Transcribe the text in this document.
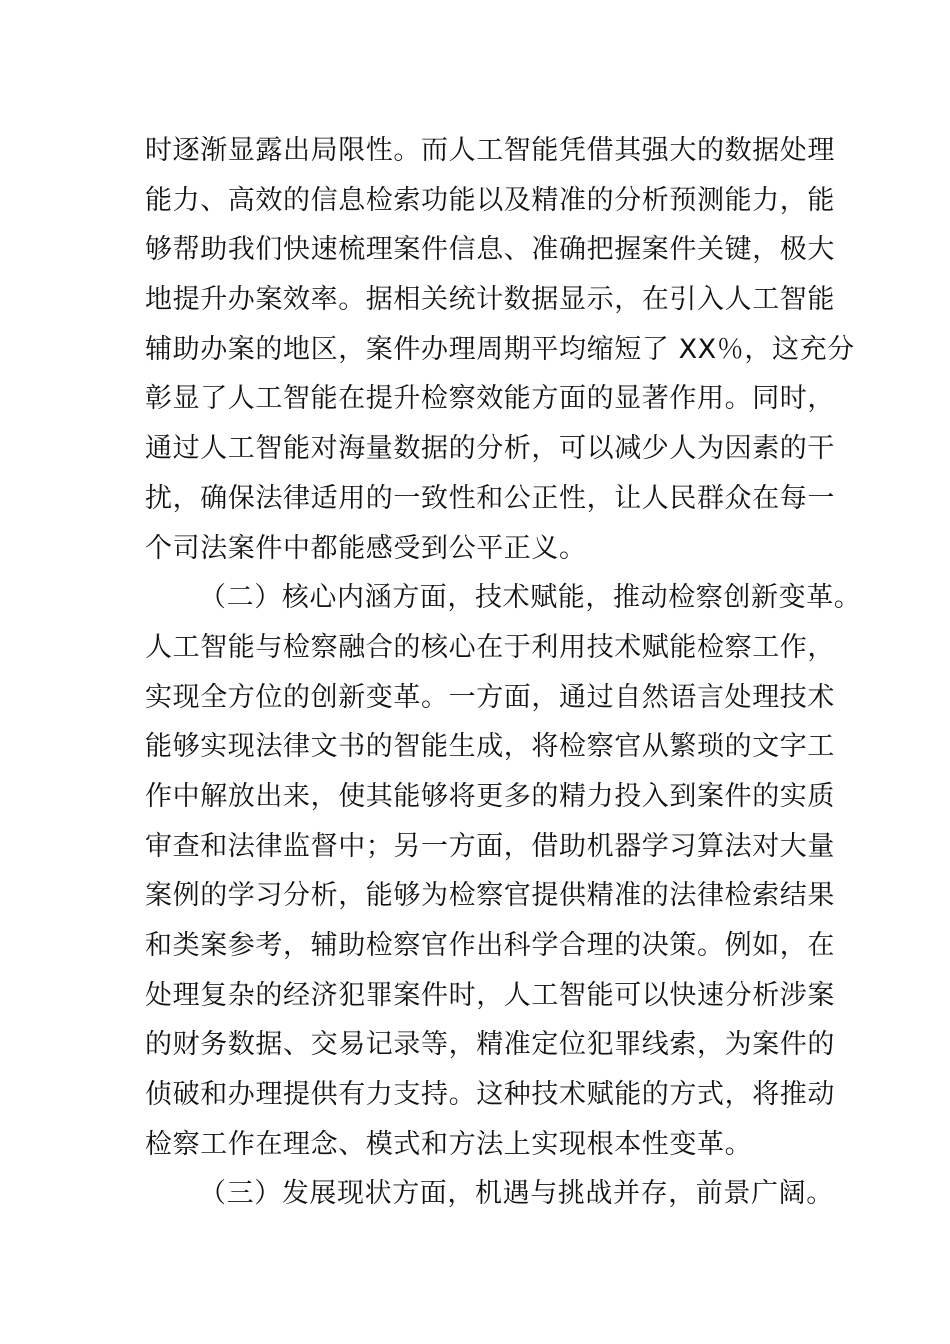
时逐渐显露出局限性。而人工智能凭借其强大的数据处理
能力、高效的信息检索功能以及精准的分析预测能力，能
够帮助我们快速梳理案件信息、准确把握案件关键，极大
地提升办案效率。据相关统计数据显示，在引入人工智能
辅助办案的地区，案件办理周期平均缩短了 XX％，这充分
彰显了人工智能在提升检察效能方面的显著作用。同时，
通过人工智能对海量数据的分析，可以减少人为因素的干
扰，确保法律适用的一致性和公正性，让人民群众在每一
个司法案件中都能感受到公平正义。
（二）核心内涵方面，技术赋能，推动检察创新变革。
人工智能与检察融合的核心在于利用技术赋能检察工作，
实现全方位的创新变革。一方面，通过自然语言处理技术
能够实现法律文书的智能生成，将检察官从繁琐的文字工
作中解放出来，使其能够将更多的精力投入到案件的实质
审查和法律监督中；另一方面，借助机器学习算法对大量
案例的学习分析，能够为检察官提供精准的法律检索结果
和类案参考，辅助检察官作出科学合理的决策。例如，在
处理复杂的经济犯罪案件时，人工智能可以快速分析涉案
的财务数据、交易记录等，精准定位犯罪线索，为案件的
侦破和办理提供有力支持。这种技术赋能的方式，将推动
检察工作在理念、模式和方法上实现根本性变革。
（三）发展现状方面，机遇与挑战并存，前景广阔。
